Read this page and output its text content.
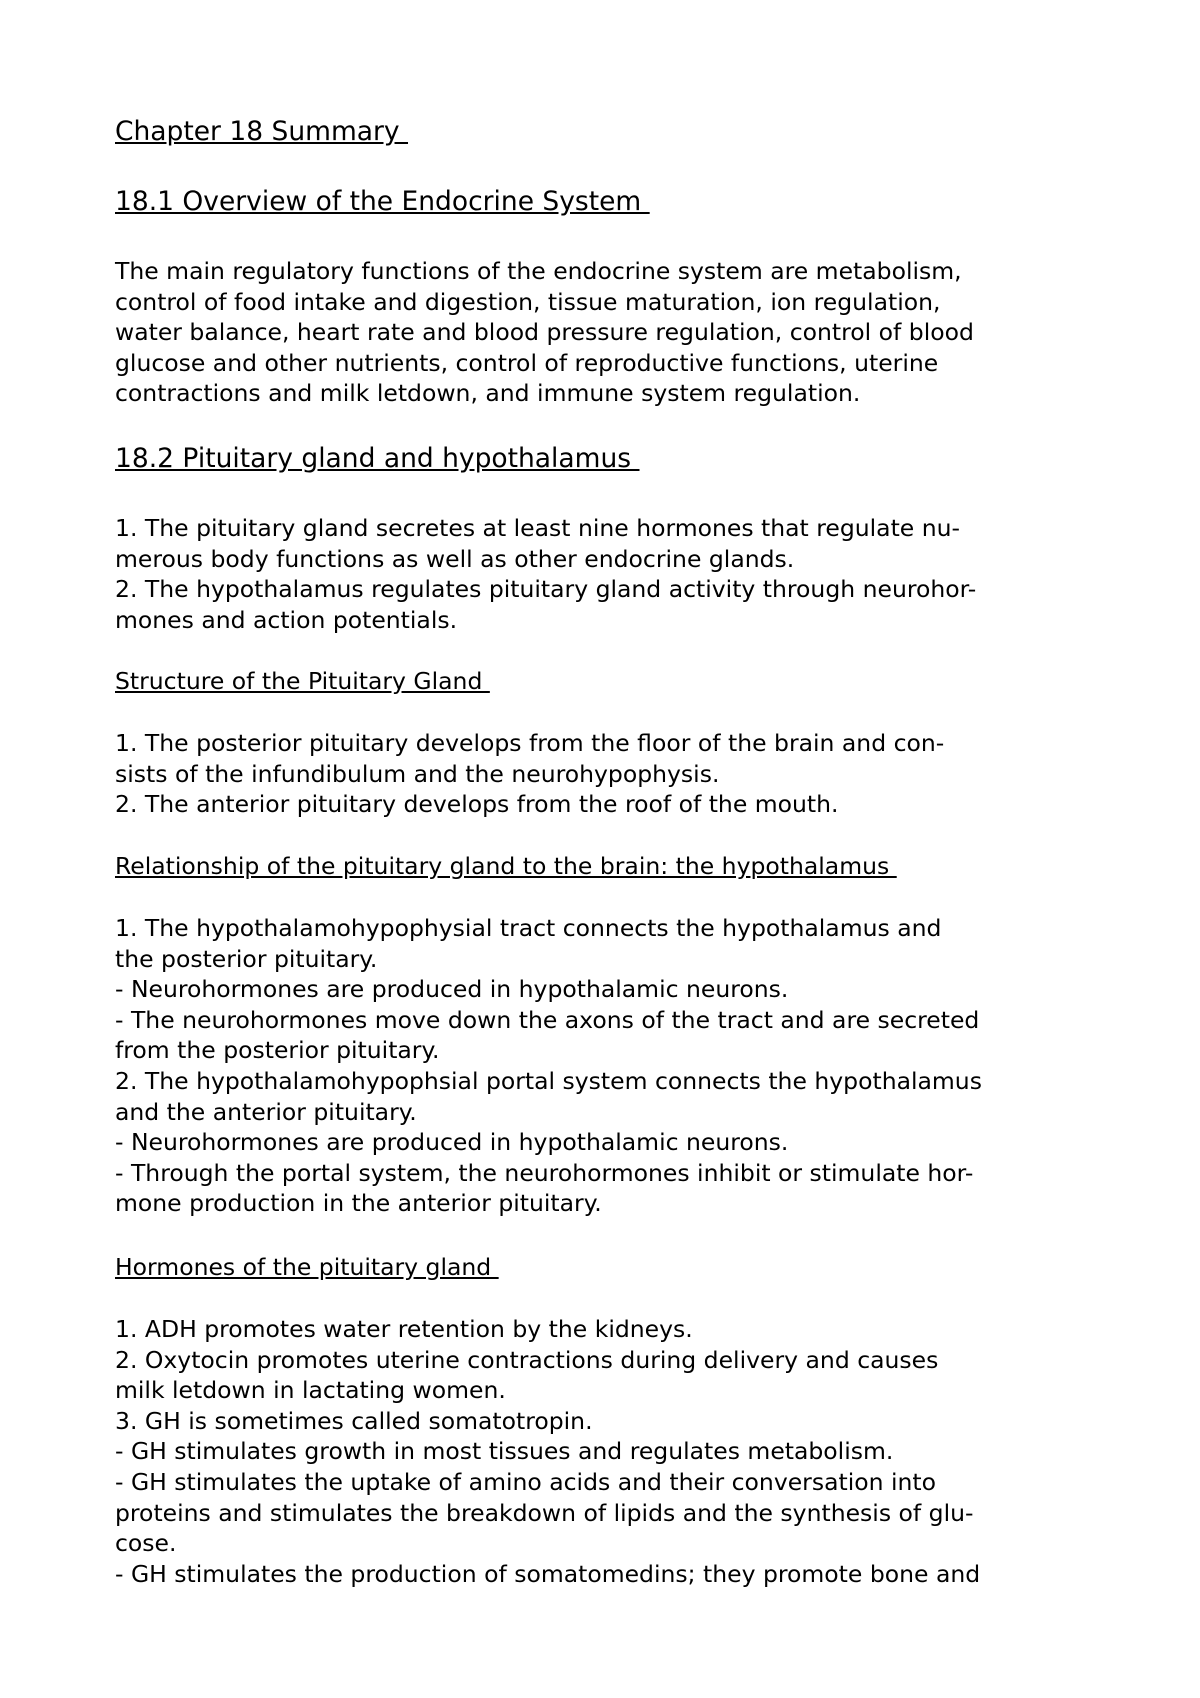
Chapter 18 Summary
18.1 Overview of the Endocrine System
The main regulatory functions of the endocrine system are metabolism,
control of food intake and digestion, tissue maturation, ion regulation,
water balance, heart rate and blood pressure regulation, control of blood
glucose and other nutrients, control of reproductive functions, uterine
contractions and milk letdown, and immune system regulation.
18.2 Pituitary gland and hypothalamus
1. The pituitary gland secretes at least nine hormones that regulate nu-
merous body functions as well as other endocrine glands.
2. The hypothalamus regulates pituitary gland activity through neurohor-
mones and action potentials.
Structure of the Pituitary Gland
1. The posterior pituitary develops from the floor of the brain and con-
sists of the infundibulum and the neurohypophysis.
2. The anterior pituitary develops from the roof of the mouth.
Relationship of the pituitary gland to the brain: the hypothalamus
1. The hypothalamohypophysial tract connects the hypothalamus and
the posterior pituitary.
- Neurohormones are produced in hypothalamic neurons.
- The neurohormones move down the axons of the tract and are secreted
from the posterior pituitary.
2. The hypothalamohypophsial portal system connects the hypothalamus
and the anterior pituitary.
- Neurohormones are produced in hypothalamic neurons.
- Through the portal system, the neurohormones inhibit or stimulate hor-
mone production in the anterior pituitary.
Hormones of the pituitary gland
1. ADH promotes water retention by the kidneys.
2. Oxytocin promotes uterine contractions during delivery and causes
milk letdown in lactating women.
3. GH is sometimes called somatotropin.
- GH stimulates growth in most tissues and regulates metabolism.
- GH stimulates the uptake of amino acids and their conversation into
proteins and stimulates the breakdown of lipids and the synthesis of glu-
cose.
- GH stimulates the production of somatomedins; they promote bone and
